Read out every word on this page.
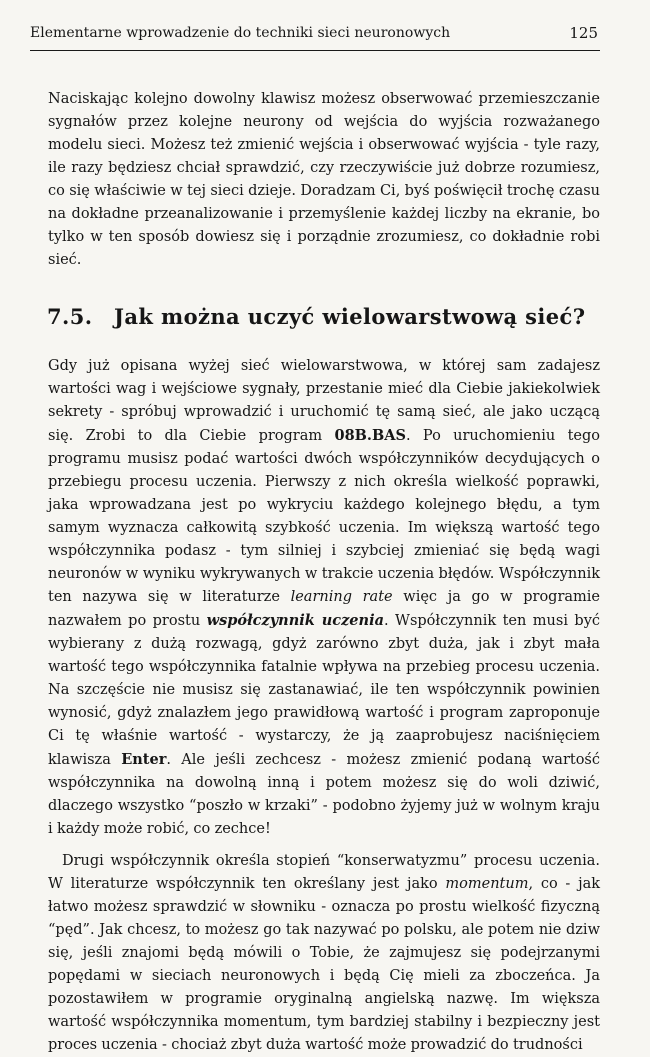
Elementarne wprowadzenie do techniki sieci neuronowych	125

Naciskając kolejno dowolny klawisz możesz obserwować przemieszczanie sygnałów przez kolejne neurony od wejścia do wyjścia rozważanego modelu sieci. Możesz też zmienić wejścia i obserwować wyjścia - tyle razy, ile razy będziesz chciał sprawdzić, czy rzeczywiście już dobrze rozumiesz, co się właściwie w tej sieci dzieje. Doradzam Ci, byś poświęcił trochę czasu na dokładne przeanalizowanie i przemyślenie każdej liczby na ekranie, bo tylko w ten sposób dowiesz się i porządnie zrozumiesz, co dokładnie robi sieć.

7.5. Jak można uczyć wielowarstwową sieć?

Gdy już opisana wyżej sieć wielowarstwowa, w której sam zadajesz wartości wag i wejściowe sygnały, przestanie mieć dla Ciebie jakiekolwiek sekrety - spróbuj wprowadzić i uruchomić tę samą sieć, ale jako uczącą się. Zrobi to dla Ciebie program 08B.BAS. Po uruchomieniu tego programu musisz podać wartości dwóch współczynników decydujących o przebiegu procesu uczenia. Pierwszy z nich określa wielkość poprawki, jaka wprowadzana jest po wykryciu każdego kolejnego błędu, a tym samym wyznacza całkowitą szybkość uczenia. Im większą wartość tego współczynnika podasz - tym silniej i szybciej zmieniać się będą wagi neuronów w wyniku wykrywanych w trakcie uczenia błędów. Współczynnik ten nazywa się w literaturze learning rate więc ja go w programie nazwałem po prostu współczynnik uczenia. Współczynnik ten musi być wybierany z dużą rozwagą, gdyż zarówno zbyt duża, jak i zbyt mała wartość tego współczynnika fatalnie wpływa na przebieg procesu uczenia. Na szczęście nie musisz się zastanawiać, ile ten współczynnik powinien wynosić, gdyż znalazłem jego prawidłową wartość i program zaproponuje Ci tę właśnie wartość - wystarczy, że ją zaaprobujesz naciśnięciem klawisza Enter. Ale jeśli zechcesz - możesz zmienić podaną wartość współczynnika na dowolną inną i potem możesz się do woli dziwić, dlaczego wszystko “poszło w krzaki” - podobno żyjemy już w wolnym kraju i każdy może robić, co zechce!

Drugi współczynnik określa stopień “konserwatyzmu” procesu uczenia. W literaturze współczynnik ten określany jest jako momentum, co - jak łatwo możesz sprawdzić w słowniku - oznacza po prostu wielkość fizyczną “pęd”. Jak chcesz, to możesz go tak nazywać po polsku, ale potem nie dziw się, jeśli znajomi będą mówili o Tobie, że zajmujesz się podejrzanymi popędami w sieciach neuronowych i będą Cię mieli za zboczeńca. Ja pozostawiłem w programie oryginalną angielską nazwę. Im większa wartość współczynnika momentum, tym bardziej stabilny i bezpieczny jest proces uczenia - chociaż zbyt duża wartość może prowadzić do trudności
